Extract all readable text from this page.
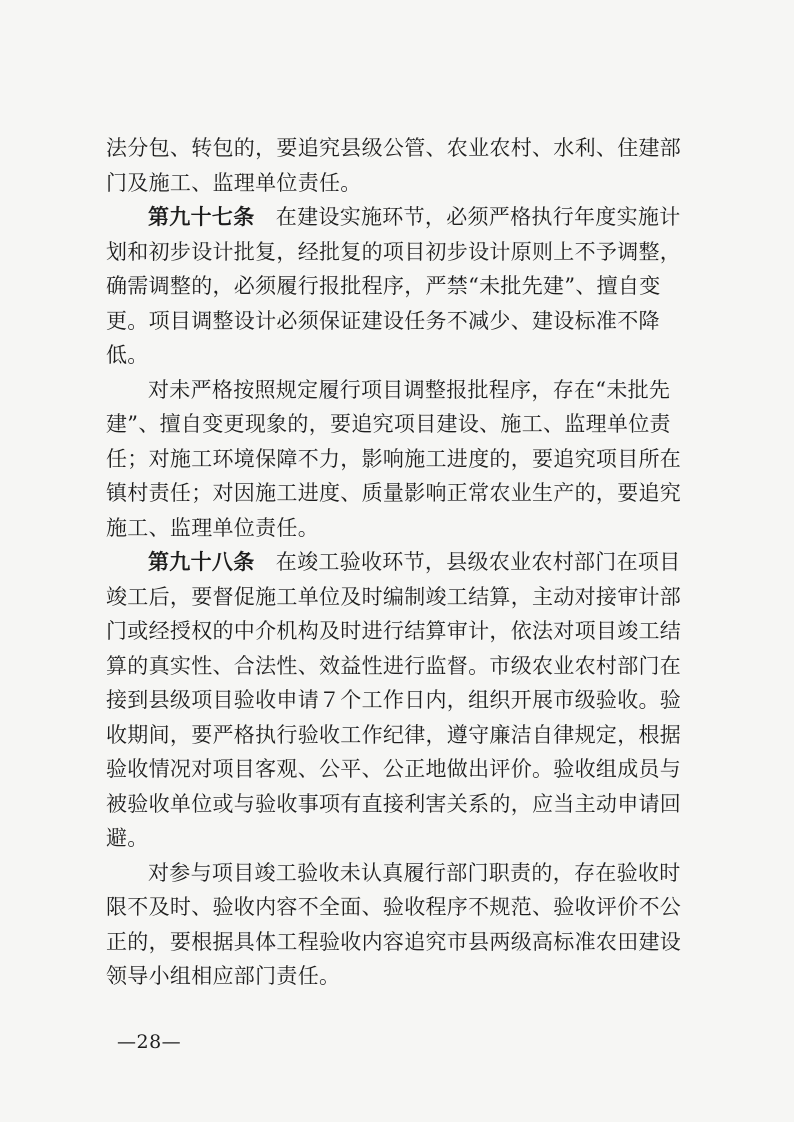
法分包、转包的，要追究县级公管、农业农村、水利、住建部门及施工、监理单位责任。

第九十七条　在建设实施环节，必须严格执行年度实施计划和初步设计批复，经批复的项目初步设计原则上不予调整，确需调整的，必须履行报批程序，严禁“未批先建”、擅自变更。项目调整设计必须保证建设任务不减少、建设标准不降低。

对未严格按照规定履行项目调整报批程序，存在“未批先建”、擅自变更现象的，要追究项目建设、施工、监理单位责任；对施工环境保障不力，影响施工进度的，要追究项目所在镇村责任；对因施工进度、质量影响正常农业生产的，要追究施工、监理单位责任。

第九十八条　在竣工验收环节，县级农业农村部门在项目竣工后，要督促施工单位及时编制竣工结算，主动对接审计部门或经授权的中介机构及时进行结算审计，依法对项目竣工结算的真实性、合法性、效益性进行监督。市级农业农村部门在接到县级项目验收申请７个工作日内，组织开展市级验收。验收期间，要严格执行验收工作纪律，遵守廉洁自律规定，根据验收情况对项目客观、公平、公正地做出评价。验收组成员与被验收单位或与验收事项有直接利害关系的，应当主动申请回避。

对参与项目竣工验收未认真履行部门职责的，存在验收时限不及时、验收内容不全面、验收程序不规范、验收评价不公正的，要根据具体工程验收内容追究市县两级高标准农田建设领导小组相应部门责任。

—28—
